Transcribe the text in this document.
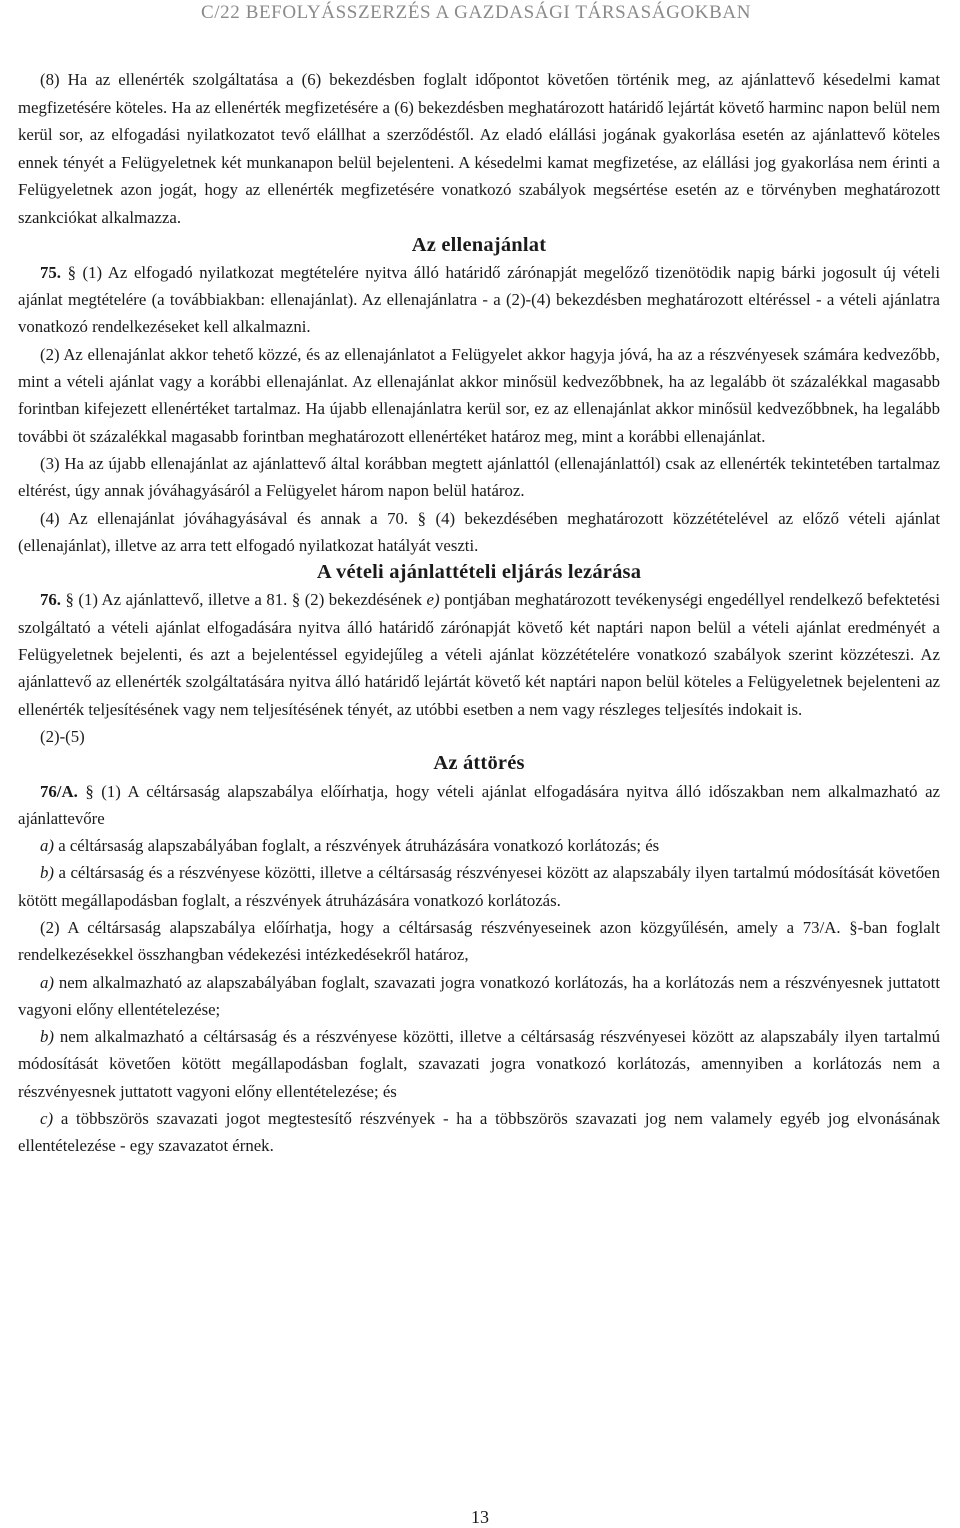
C/22 BEFOLYÁSSZERZÉS A GAZDASÁGI TÁRSASÁGOKBAN

(8) Ha az ellenérték szolgáltatása a (6) bekezdésben foglalt időpontot követően történik meg, az ajánlattevő késedelmi kamat megfizetésére köteles. Ha az ellenérték megfizetésére a (6) bekezdésben meghatározott határidő lejártát követő harminc napon belül nem kerül sor, az elfogadási nyilatkozatot tevő elállhat a szerződéstől. Az eladó elállási jogának gyakorlása esetén az ajánlattevő köteles ennek tényét a Felügyeletnek két munkanapon belül bejelenteni. A késedelmi kamat megfizetése, az elállási jog gyakorlása nem érinti a Felügyeletnek azon jogát, hogy az ellenérték megfizetésére vonatkozó szabályok megsértése esetén az e törvényben meghatározott szankciókat alkalmazza.

Az ellenajánlat

75. § (1) Az elfogadó nyilatkozat megtételére nyitva álló határidő zárónapját megelőző tizenötödik napig bárki jogosult új vételi ajánlat megtételére (a továbbiakban: ellenajánlat). Az ellenajánlatra - a (2)-(4) bekezdésben meghatározott eltéréssel - a vételi ajánlatra vonatkozó rendelkezéseket kell alkalmazni.

(2) Az ellenajánlat akkor tehető közzé, és az ellenajánlatot a Felügyelet akkor hagyja jóvá, ha az a részvényesek számára kedvezőbb, mint a vételi ajánlat vagy a korábbi ellenajánlat. Az ellenajánlat akkor minősül kedvezőbbnek, ha az legalább öt százalékkal magasabb forintban kifejezett ellenértéket tartalmaz. Ha újabb ellenajánlatra kerül sor, ez az ellenajánlat akkor minősül kedvezőbbnek, ha legalább további öt százalékkal magasabb forintban meghatározott ellenértéket határoz meg, mint a korábbi ellenajánlat.

(3) Ha az újabb ellenajánlat az ajánlattevő által korábban megtett ajánlattól (ellenajánlattól) csak az ellenérték tekintetében tartalmaz eltérést, úgy annak jóváhagyásáról a Felügyelet három napon belül határoz.

(4) Az ellenajánlat jóváhagyásával és annak a 70. § (4) bekezdésében meghatározott közzétételével az előző vételi ajánlat (ellenajánlat), illetve az arra tett elfogadó nyilatkozat hatályát veszti.

A vételi ajánlattételi eljárás lezárása

76. § (1) Az ajánlattevő, illetve a 81. § (2) bekezdésének e) pontjában meghatározott tevékenységi engedéllyel rendelkező befektetési szolgáltató a vételi ajánlat elfogadására nyitva álló határidő zárónapját követő két naptári napon belül a vételi ajánlat eredményét a Felügyeletnek bejelenti, és azt a bejelentéssel egyidejűleg a vételi ajánlat közzétételére vonatkozó szabályok szerint közzéteszi. Az ajánlattevő az ellenérték szolgáltatására nyitva álló határidő lejártát követő két naptári napon belül köteles a Felügyeletnek bejelenteni az ellenérték teljesítésének vagy nem teljesítésének tényét, az utóbbi esetben a nem vagy részleges teljesítés indokait is.

(2)-(5)

Az áttörés

76/A. § (1) A céltársaság alapszabálya előírhatja, hogy vételi ajánlat elfogadására nyitva álló időszakban nem alkalmazható az ajánlattevőre

a) a céltársaság alapszabályában foglalt, a részvények átruházására vonatkozó korlátozás; és

b) a céltársaság és a részvényese közötti, illetve a céltársaság részvényesei között az alapszabály ilyen tartalmú módosítását követően kötött megállapodásban foglalt, a részvények átruházására vonatkozó korlátozás.

(2) A céltársaság alapszabálya előírhatja, hogy a céltársaság részvényeseinek azon közgyűlésén, amely a 73/A. §-ban foglalt rendelkezésekkel összhangban védekezési intézkedésekről határoz,

a) nem alkalmazható az alapszabályában foglalt, szavazati jogra vonatkozó korlátozás, ha a korlátozás nem a részvényesnek juttatott vagyoni előny ellentételezése;

b) nem alkalmazható a céltársaság és a részvényese közötti, illetve a céltársaság részvényesei között az alapszabály ilyen tartalmú módosítását követően kötött megállapodásban foglalt, szavazati jogra vonatkozó korlátozás, amennyiben a korlátozás nem a részvényesnek juttatott vagyoni előny ellentételezése; és

c) a többszörös szavazati jogot megtestesítő részvények - ha a többszörös szavazati jog nem valamely egyéb jog elvonásának ellentételezése - egy szavazatot érnek.

13
